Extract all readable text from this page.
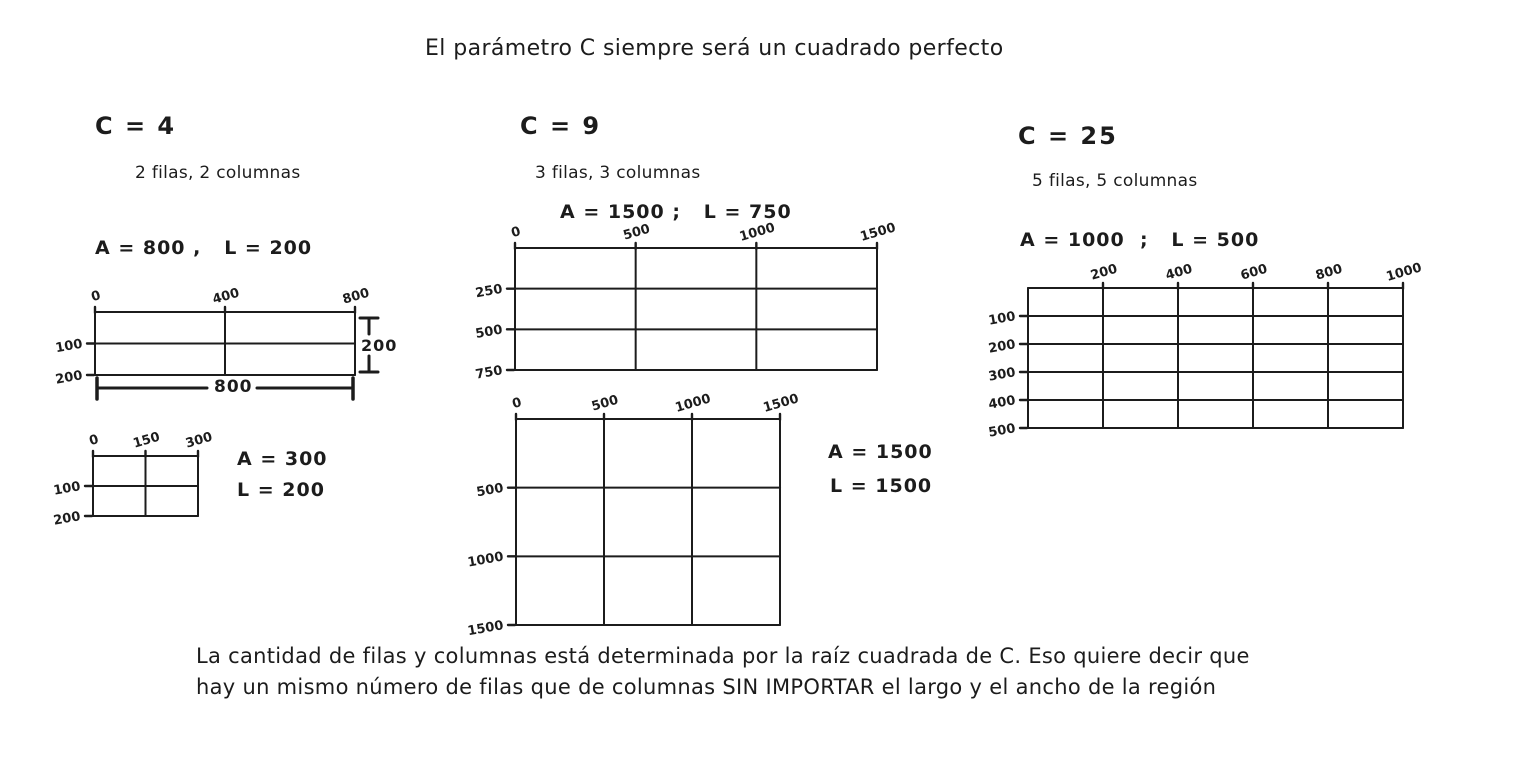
El parámetro C siempre será un cuadrado perfecto
C = 4	C = 9	C = 25
2 filas, 2 columnas	3 filas, 3 columnas	5 filas, 5 columnas
A = 800 ,   L = 200
A = 1500 ;   L = 750
A = 1000  ;   L = 500
A = 300
L = 200
A = 1500
L = 1500
0	400	800
100
200
0 150 300
100
200
0	500	1000	1500
250
500
750
0	500	1000	1500
500
1000
1500
200	400	600	800	1000
100
200
300
400
500
200
800
La cantidad de filas y columnas está determinada por la raíz cuadrada de C. Eso quiere decir que
hay un mismo número de filas que de columnas SIN IMPORTAR el largo y el ancho de la región
